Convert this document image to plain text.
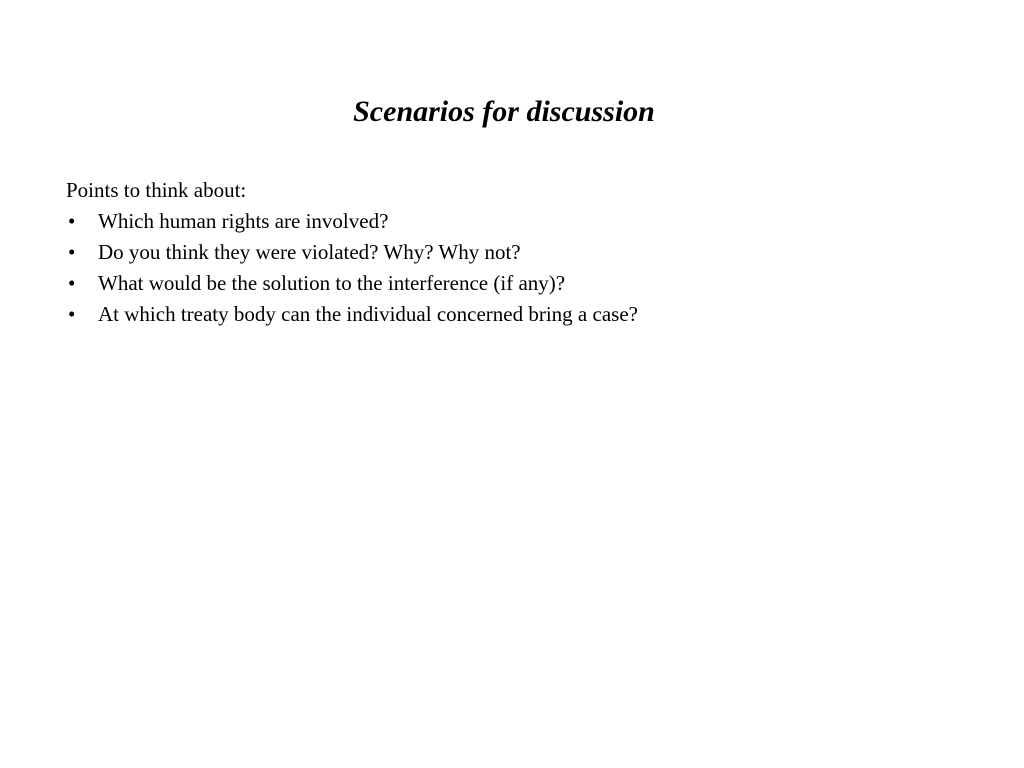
Scenarios for discussion
Points to think about:
• Which human rights are involved?
• Do you think they were violated? Why? Why not?
• What would be the solution to the interference (if any)?
• At which treaty body can the individual concerned bring a case?
